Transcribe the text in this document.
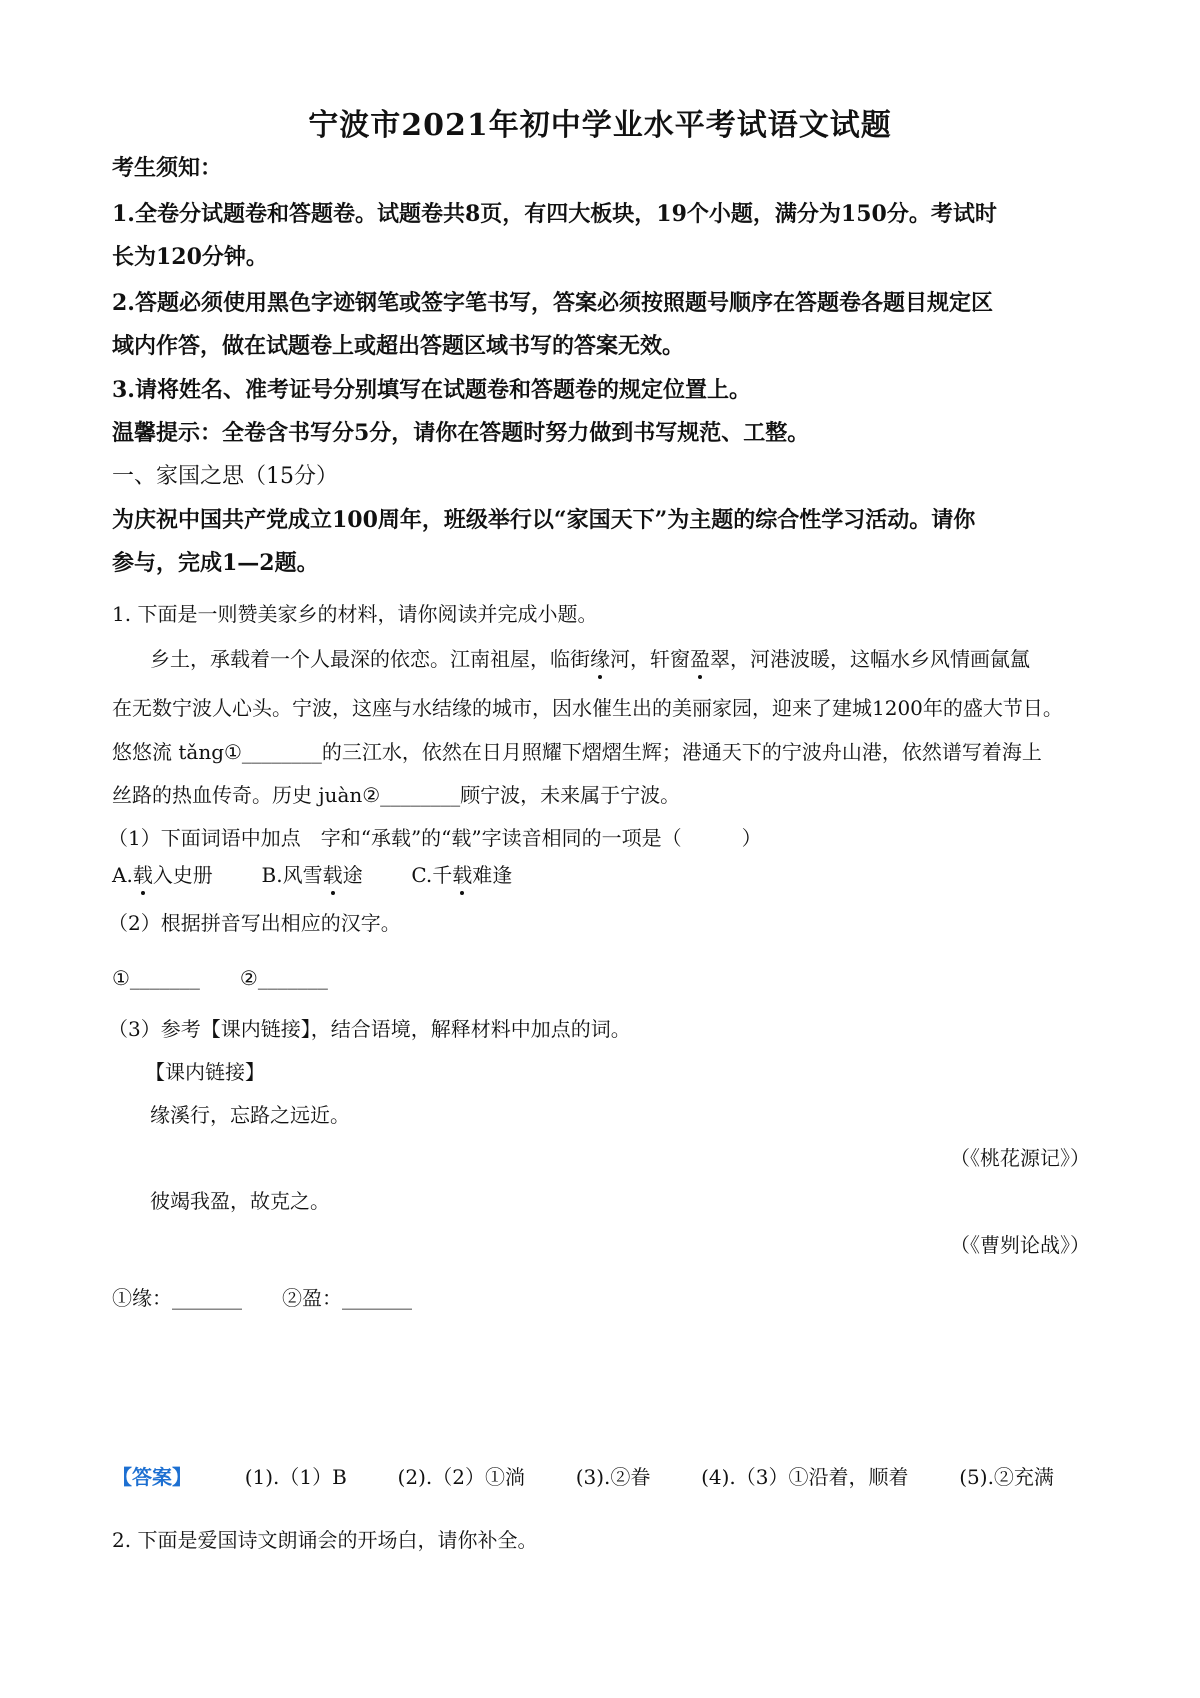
宁波市2021年初中学业水平考试语文试题
考生须知：
1.全卷分试题卷和答题卷。试题卷共8页，有四大板块，19个小题，满分为150分。考试时
长为120分钟。
2.答题必须使用黑色字迹钢笔或签字笔书写，答案必须按照题号顺序在答题卷各题目规定区
域内作答，做在试题卷上或超出答题区域书写的答案无效。
3.请将姓名、准考证号分别填写在试题卷和答题卷的规定位置上。
温馨提示：全卷含书写分5分，请你在答题时努力做到书写规范、工整。
一、家国之思（15分）
为庆祝中国共产党成立100周年，班级举行以“家国天下”为主题的综合性学习活动。请你
参与，完成1—2题。
1. 下面是一则赞美家乡的材料，请你阅读并完成小题。
乡土，承载着一个人最深的依恋。江南祖屋，临街缘
河，轩窗盈
翠，河港波暖，这幅水乡风情画氤氲
在无数宁波人心头。宁波，这座与水结缘的城市，因水催生出的美丽家园，迎来了建城1200年的盛大节日。
悠悠流 tǎng①________的三江水，依然在日月照耀下熠熠生辉；港通天下的宁波舟山港，依然谱写着海上
丝路的热血传奇。历史 juàn②________顾宁波，未来属于宁波。
（1）下面词语中加点　字和“承载”的“载”字读音相同的一项是（　　　）
A.载
入史册 B.风雪载
途 C.千载
难逢
（2）根据拼音写出相应的汉字。
①_______　　②_______
（3）参考【课内链接】，结合语境，解释材料中加点的词。
【课内链接】
缘溪行，忘路之远近。
（《桃花源记》）
彼竭我盈，故克之。
（《曹刿论战》）
①缘：_______　　②盈：_______
【答案】	(1).（1）B	(2).（2）①淌	(3).②眷	(4).（3）①沿着，顺着	(5).②充满
2. 下面是爱国诗文朗诵会的开场白，请你补全。
